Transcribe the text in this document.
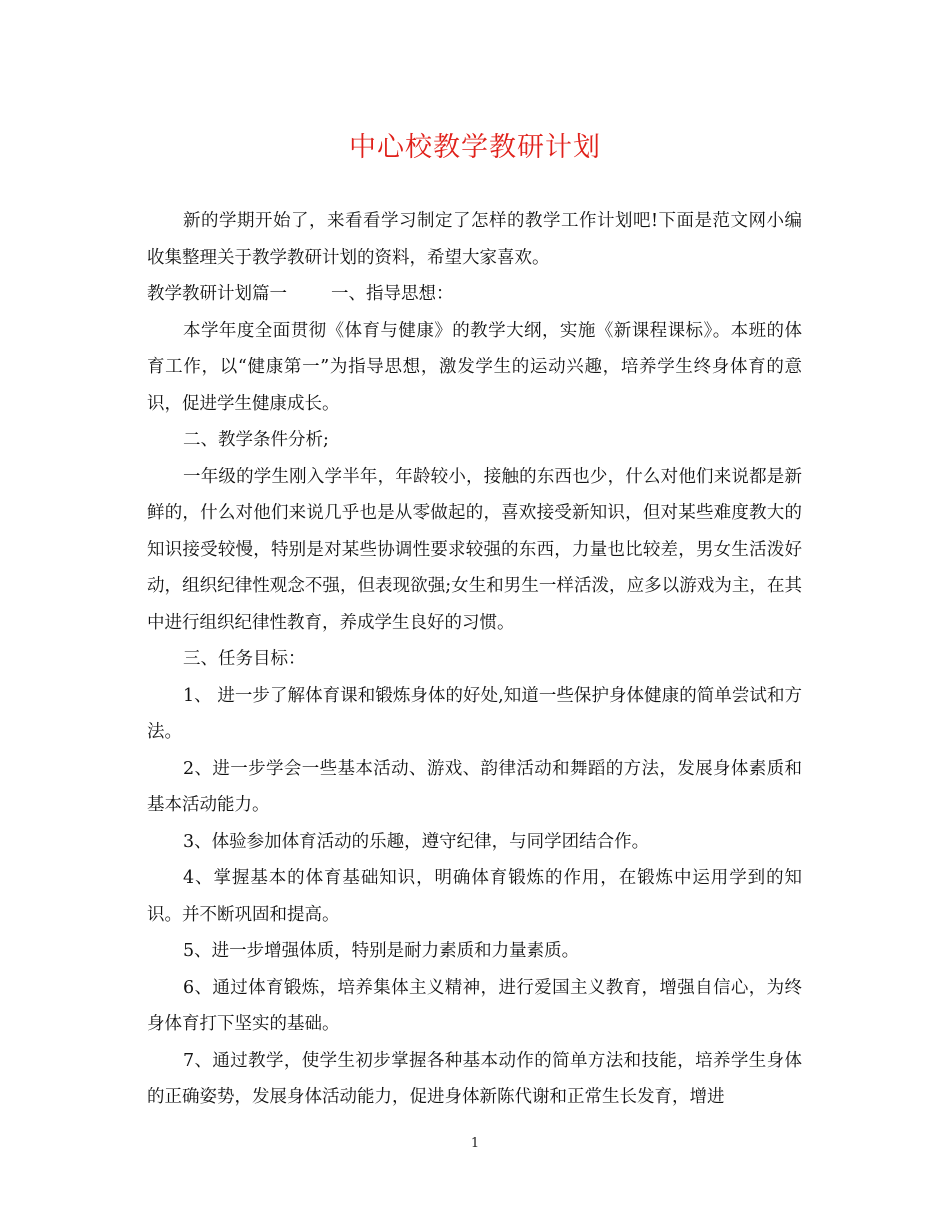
中心校教学教研计划

新的学期开始了，来看看学习制定了怎样的教学工作计划吧!下面是范文网小编收集整理关于教学教研计划的资料，希望大家喜欢。

教学教研计划篇一	一、指导思想：

本学年度全面贯彻《体育与健康》的教学大纲，实施《新课程课标》。本班的体育工作，以“健康第一”为指导思想，激发学生的运动兴趣，培养学生终身体育的意识，促进学生健康成长。

二、教学条件分析;

一年级的学生刚入学半年，年龄较小，接触的东西也少，什么对他们来说都是新鲜的，什么对他们来说几乎也是从零做起的，喜欢接受新知识，但对某些难度教大的知识接受较慢，特别是对某些协调性要求较强的东西，力量也比较差，男女生活泼好动，组织纪律性观念不强，但表现欲强;女生和男生一样活泼，应多以游戏为主，在其中进行组织纪律性教育，养成学生良好的习惯。

三、任务目标：

1、 进一步了解体育课和锻炼身体的好处,知道一些保护身体健康的简单尝试和方法。

2、进一步学会一些基本活动、游戏、韵律活动和舞蹈的方法，发展身体素质和基本活动能力。

3、体验参加体育活动的乐趣，遵守纪律，与同学团结合作。

4、掌握基本的体育基础知识，明确体育锻炼的作用，在锻炼中运用学到的知识。并不断巩固和提高。

5、进一步增强体质，特别是耐力素质和力量素质。

6、通过体育锻炼，培养集体主义精神，进行爱国主义教育，增强自信心，为终身体育打下坚实的基础。

7、通过教学，使学生初步掌握各种基本动作的简单方法和技能，培养学生身体的正确姿势，发展身体活动能力，促进身体新陈代谢和正常生长发育，增进

1
